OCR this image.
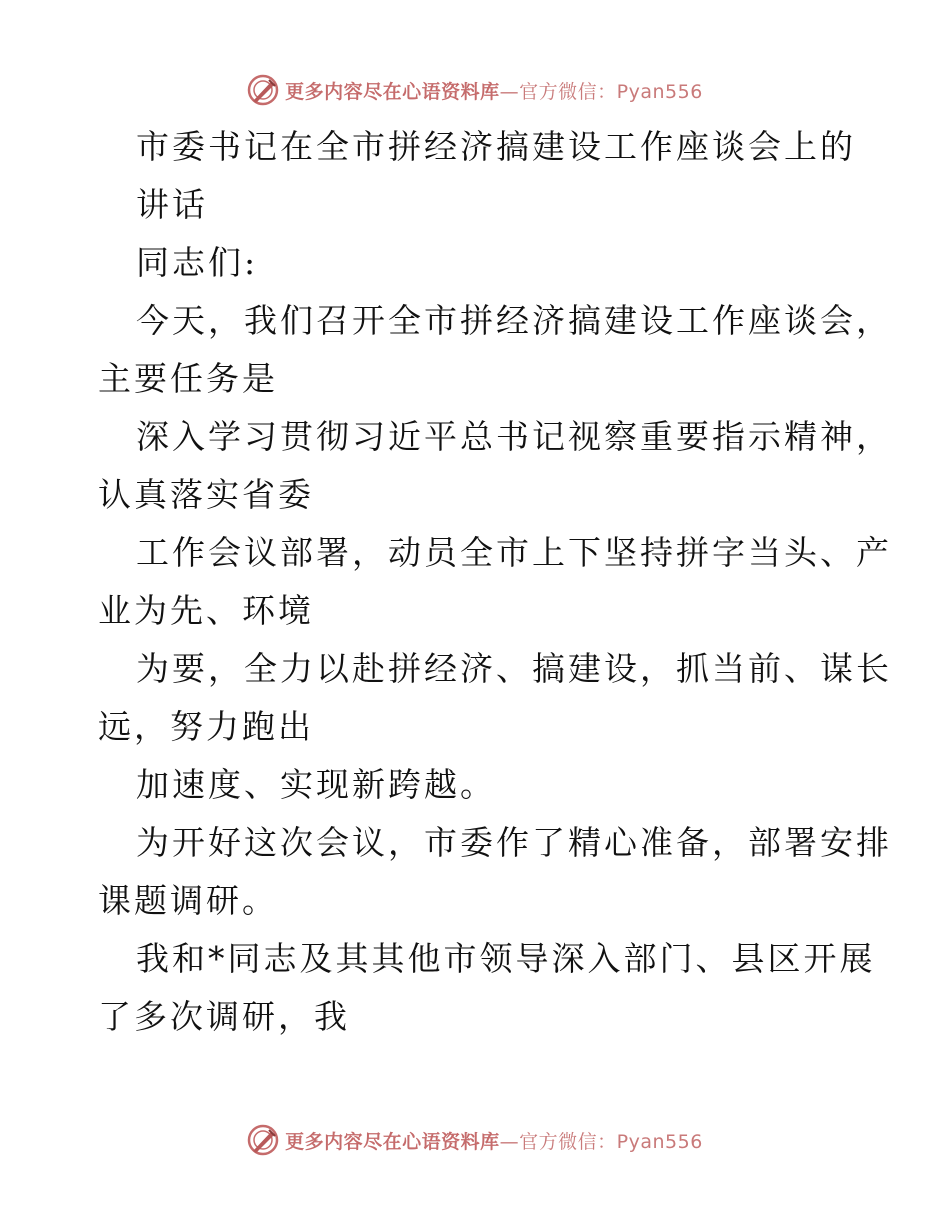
更多内容尽在心语资料库—官方微信：Pyan556
市委书记在全市拼经济搞建设工作座谈会上的
讲话
同志们:
今天，我们召开全市拼经济搞建设工作座谈会，
主要任务是
深入学习贯彻习近平总书记视察重要指示精神，
认真落实省委
工作会议部署，动员全市上下坚持拼字当头、产
业为先、环境
为要，全力以赴拼经济、搞建设，抓当前、谋长
远，努力跑出
加速度、实现新跨越。
为开好这次会议，市委作了精心准备，部署安排
课题调研。
我和*同志及其其他市领导深入部门、县区开展
了多次调研，我
更多内容尽在心语资料库—官方微信：Pyan556
